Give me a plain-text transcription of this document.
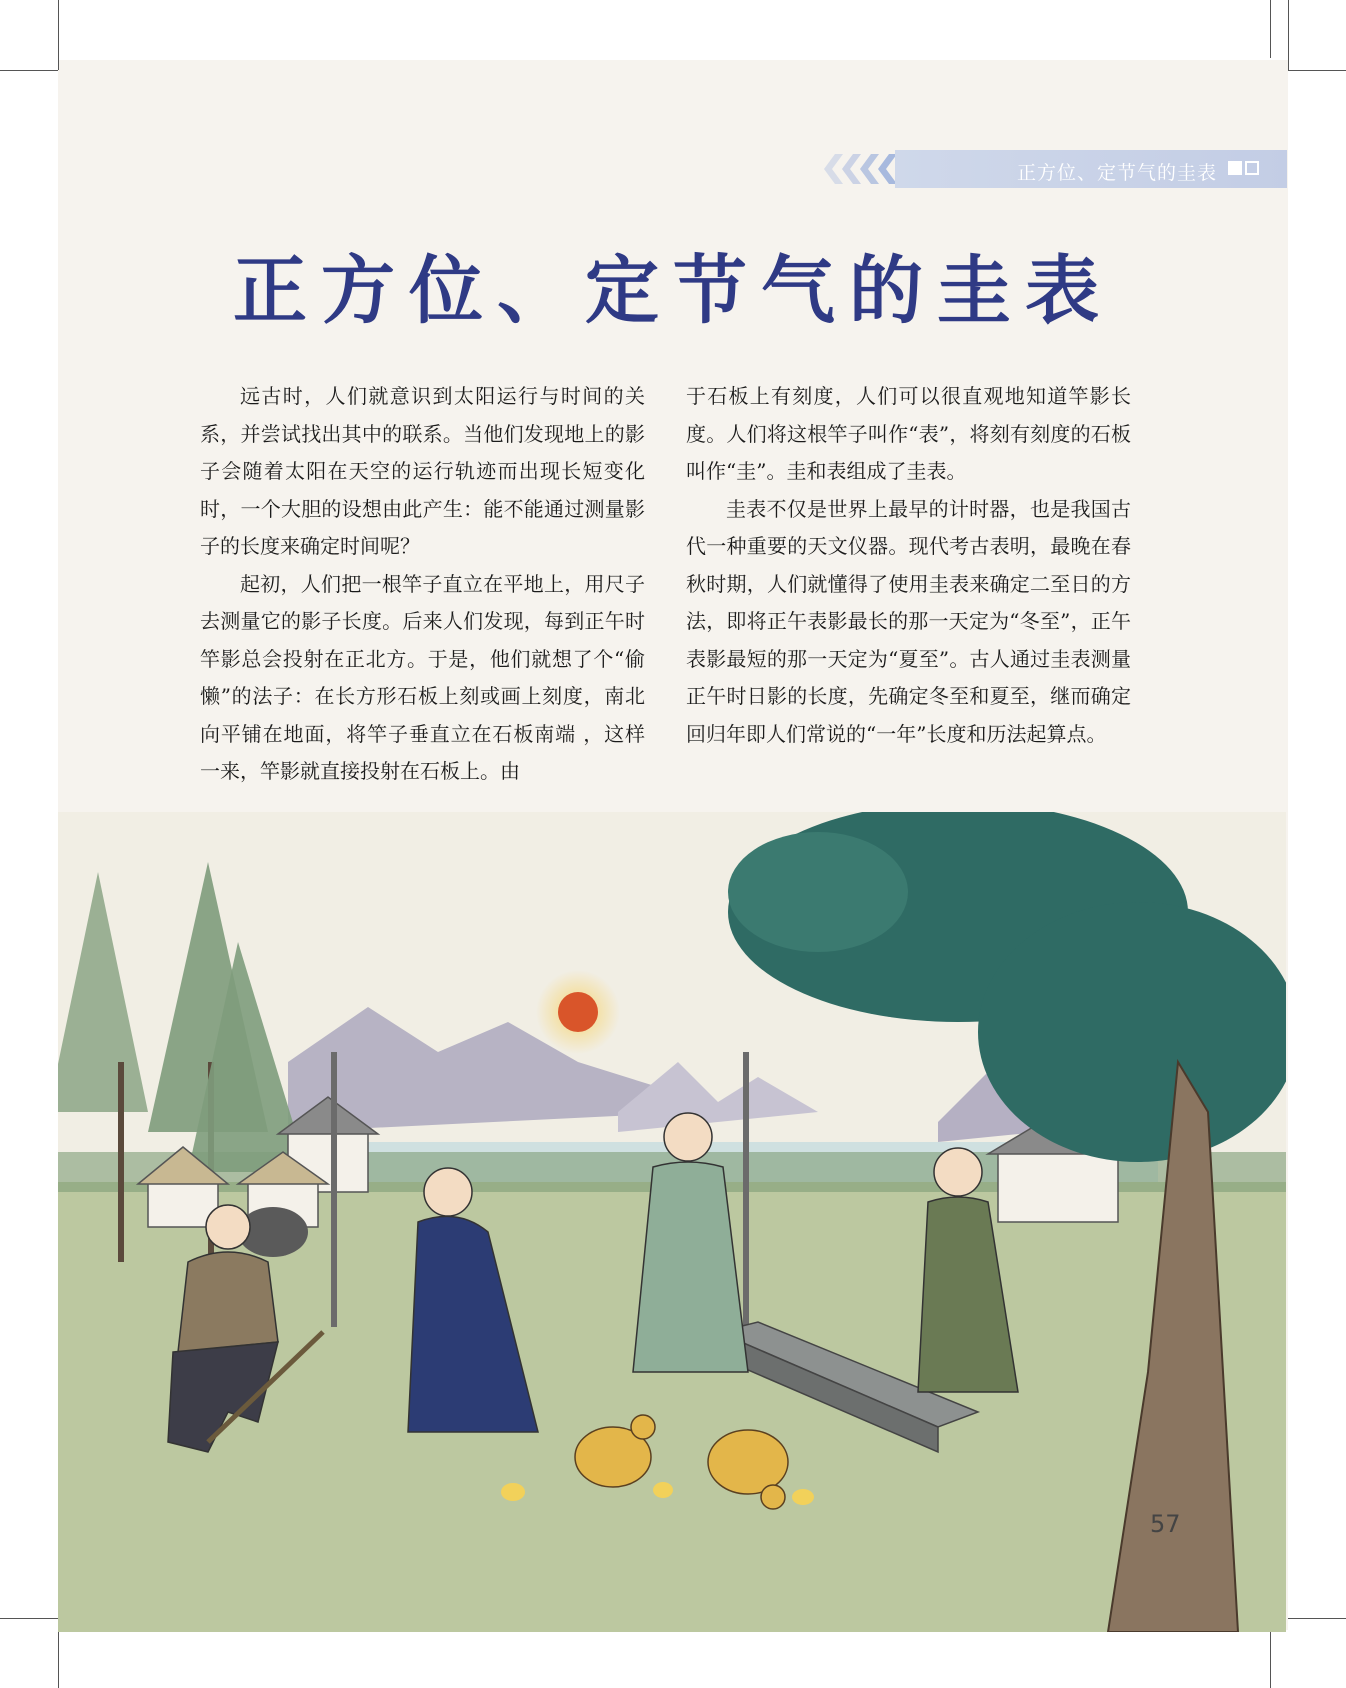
正方位、定节气的圭表
正方位、定节气的圭表

远古时，人们就意识到太阳运行与时间的关系，并尝试找出其中的联系。当他们发现地上的影子会随着太阳在天空的运行轨迹而出现长短变化时，一个大胆的设想由此产生：能不能通过测量影子的长度来确定时间呢？

起初，人们把一根竿子直立在平地上，用尺子去测量它的影子长度。后来人们发现，每到正午时竿影总会投射在正北方。于是，他们就想了个“偷懒”的法子：在长方形石板上刻或画上刻度，南北向平铺在地面，将竿子垂直立在石板南端 ，这样一来，竿影就直接投射在石板上。由

于石板上有刻度，人们可以很直观地知道竿影长度。人们将这根竿子叫作“表”，将刻有刻度的石板叫作“圭”。圭和表组成了圭表。

圭表不仅是世界上最早的计时器，也是我国古代一种重要的天文仪器。现代考古表明，最晚在春秋时期，人们就懂得了使用圭表来确定二至日的方法，即将正午表影最长的那一天定为“冬至”，正午表影最短的那一天定为“夏至”。古人通过圭表测量正午时日影的长度，先确定冬至和夏至，继而确定回归年即人们常说的“一年”长度和历法起算点。

57
